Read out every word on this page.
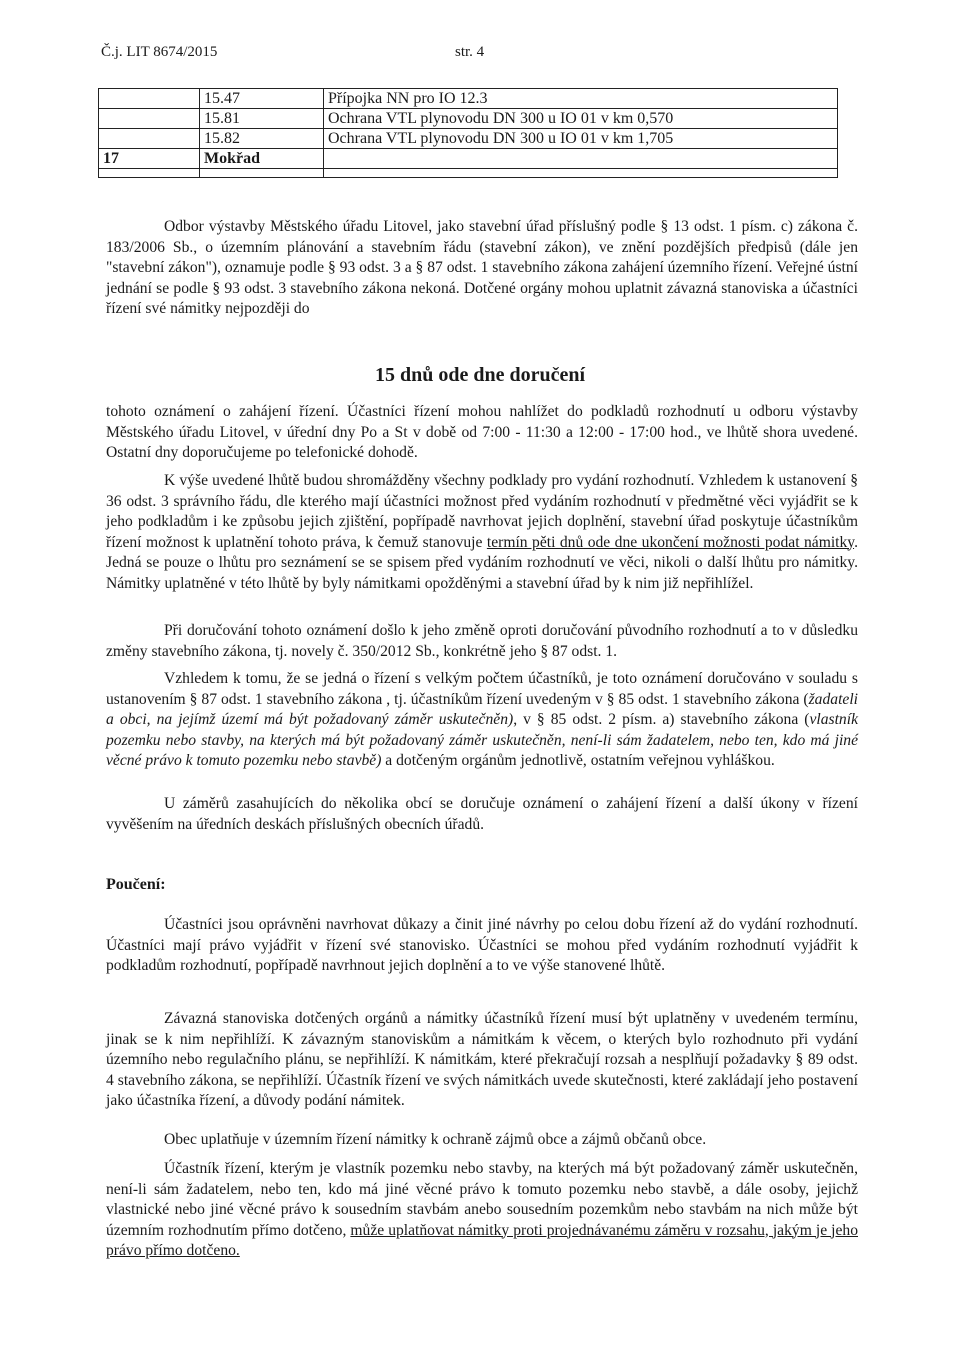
Č.j. LIT 8674/2015	str. 4
	15.47	Přípojka NN pro IO 12.3
	15.81	Ochrana VTL plynovodu DN 300 u IO 01 v km 0,570
	15.82	Ochrana VTL plynovodu DN 300 u IO 01 v km 1,705
17	Mokřad	

Odbor výstavby Městského úřadu Litovel, jako stavební úřad příslušný podle § 13 odst. 1 písm. c) zákona č. 183/2006 Sb., o územním plánování a stavebním řádu (stavební zákon), ve znění pozdějších předpisů (dále jen "stavební zákon"), oznamuje podle § 93 odst. 3 a § 87 odst. 1 stavebního zákona zahájení územního řízení. Veřejné ústní jednání se podle § 93 odst. 3 stavebního zákona nekoná. Dotčené orgány mohou uplatnit závazná stanoviska a účastníci řízení své námitky nejpozději do

15 dnů ode dne doručení

tohoto oznámení o zahájení řízení. Účastníci řízení mohou nahlížet do podkladů rozhodnutí u odboru výstavby Městského úřadu Litovel, v úřední dny Po a St v době od 7:00 - 11:30 a 12:00 - 17:00 hod., ve lhůtě shora uvedené. Ostatní dny doporučujeme po telefonické dohodě.

K výše uvedené lhůtě budou shromážděny všechny podklady pro vydání rozhodnutí. Vzhledem k ustanovení § 36 odst. 3 správního řádu, dle kterého mají účastníci možnost před vydáním rozhodnutí v předmětné věci vyjádřit se k jeho podkladům i ke způsobu jejich zjištění, popřípadě navrhovat jejich doplnění, stavební úřad poskytuje účastníkům řízení možnost k uplatnění tohoto práva, k čemuž stanovuje termín pěti dnů ode dne ukončení možnosti podat námitky. Jedná se pouze o lhůtu pro seznámení se se spisem před vydáním rozhodnutí ve věci, nikoli o další lhůtu pro námitky. Námitky uplatněné v této lhůtě by byly námitkami opožděnými a stavební úřad by k nim již nepřihlížel.

Při doručování tohoto oznámení došlo k jeho změně oproti doručování původního rozhodnutí a to v důsledku změny stavebního zákona, tj. novely č. 350/2012 Sb., konkrétně jeho § 87 odst. 1.

Vzhledem k tomu, že se jedná o řízení s velkým počtem účastníků, je toto oznámení doručováno v souladu s ustanovením § 87 odst. 1 stavebního zákona , tj. účastníkům řízení uvedeným v § 85 odst. 1 stavebního zákona (žadateli a obci, na jejímž území má být požadovaný záměr uskutečněn), v § 85 odst. 2 písm. a) stavebního zákona (vlastník pozemku nebo stavby, na kterých má být požadovaný záměr uskutečněn, není-li sám žadatelem, nebo ten, kdo má jiné věcné právo k tomuto pozemku nebo stavbě) a dotčeným orgánům jednotlivě, ostatním veřejnou vyhláškou.

U záměrů zasahujících do několika obcí se doručuje oznámení o zahájení řízení a další úkony v řízení vyvěšením na úředních deskách příslušných obecních úřadů.

Poučení:

Účastníci jsou oprávněni navrhovat důkazy a činit jiné návrhy po celou dobu řízení až do vydání rozhodnutí. Účastníci mají právo vyjádřit v řízení své stanovisko. Účastníci se mohou před vydáním rozhodnutí vyjádřit k podkladům rozhodnutí, popřípadě navrhnout jejich doplnění a to ve výše stanovené lhůtě.

Závazná stanoviska dotčených orgánů a námitky účastníků řízení musí být uplatněny v uvedeném termínu, jinak se k nim nepřihlíží. K závazným stanoviskům a námitkám k věcem, o kterých bylo rozhodnuto při vydání územního nebo regulačního plánu, se nepřihlíží. K námitkám, které překračují rozsah a nesplňují požadavky § 89 odst. 4 stavebního zákona, se nepřihlíží. Účastník řízení ve svých námitkách uvede skutečnosti, které zakládají jeho postavení jako účastníka řízení, a důvody podání námitek.

Obec uplatňuje v územním řízení námitky k ochraně zájmů obce a zájmů občanů obce.

Účastník řízení, kterým je vlastník pozemku nebo stavby, na kterých má být požadovaný záměr uskutečněn, není-li sám žadatelem, nebo ten, kdo má jiné věcné právo k tomuto pozemku nebo stavbě, a dále osoby, jejichž vlastnické nebo jiné věcné právo k sousedním stavbám anebo sousedním pozemkům nebo stavbám na nich může být územním rozhodnutím přímo dotčeno, může uplatňovat námitky proti projednávanému záměru v rozsahu, jakým je jeho právo přímo dotčeno.
